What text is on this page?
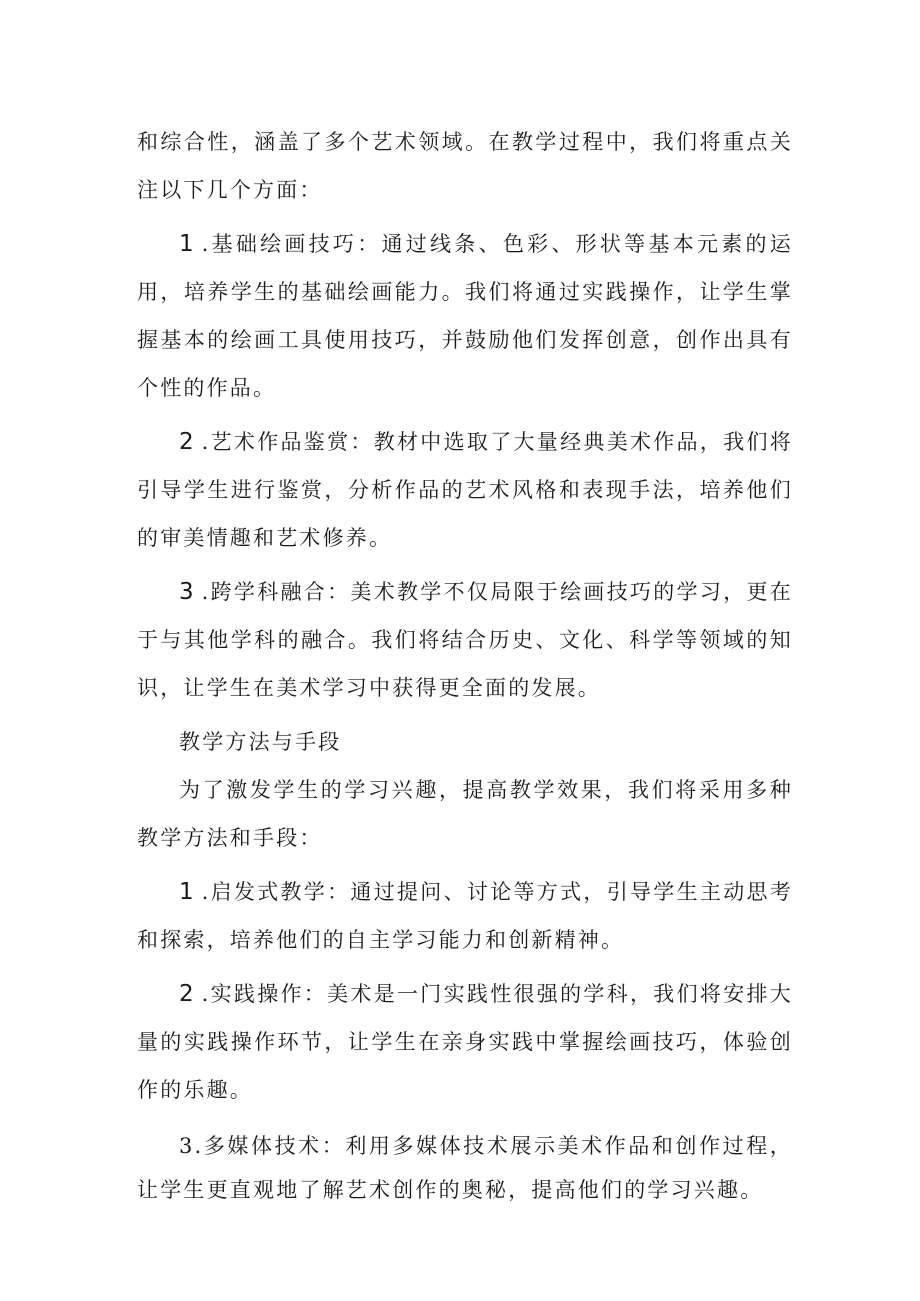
和综合性，涵盖了多个艺术领域。在教学过程中，我们将重点关注以下几个方面：

1.基础绘画技巧：通过线条、色彩、形状等基本元素的运用，培养学生的基础绘画能力。我们将通过实践操作，让学生掌握基本的绘画工具使用技巧，并鼓励他们发挥创意，创作出具有个性的作品。

2.艺术作品鉴赏：教材中选取了大量经典美术作品，我们将引导学生进行鉴赏，分析作品的艺术风格和表现手法，培养他们的审美情趣和艺术修养。

3.跨学科融合：美术教学不仅局限于绘画技巧的学习，更在于与其他学科的融合。我们将结合历史、文化、科学等领域的知识，让学生在美术学习中获得更全面的发展。

教学方法与手段

为了激发学生的学习兴趣，提高教学效果，我们将采用多种教学方法和手段：

1.启发式教学：通过提问、讨论等方式，引导学生主动思考和探索，培养他们的自主学习能力和创新精神。

2.实践操作：美术是一门实践性很强的学科，我们将安排大量的实践操作环节，让学生在亲身实践中掌握绘画技巧，体验创作的乐趣。

3.多媒体技术：利用多媒体技术展示美术作品和创作过程，让学生更直观地了解艺术创作的奥秘，提高他们的学习兴趣。
